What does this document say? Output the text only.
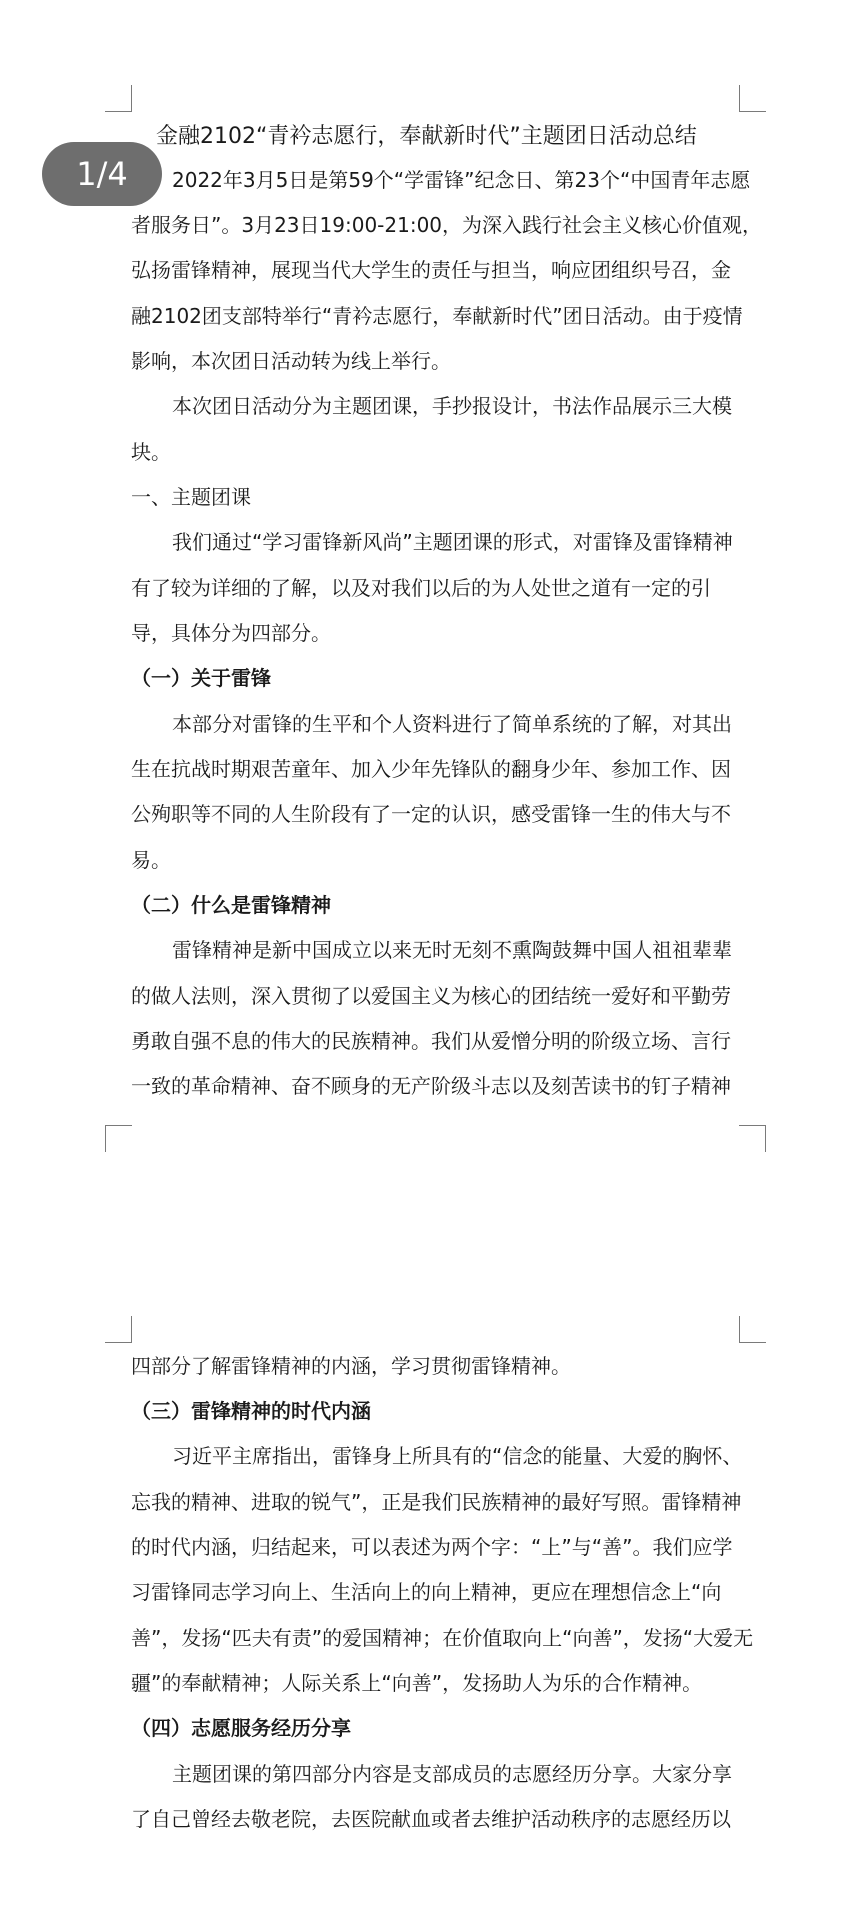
金融2102“青衿志愿行，奉献新时代”主题团日活动总结
2022年3月5日是第59个“学雷锋”纪念日、第23个“中国青年志愿
者服务日”。3月23日19:00-21:00，为深入践行社会主义核心价值观，
弘扬雷锋精神，展现当代大学生的责任与担当，响应团组织号召，金
融2102团支部特举行“青衿志愿行，奉献新时代”团日活动。由于疫情
影响，本次团日活动转为线上举行。
本次团日活动分为主题团课，手抄报设计，书法作品展示三大模
块。
一、主题团课
我们通过“学习雷锋新风尚”主题团课的形式，对雷锋及雷锋精神
有了较为详细的了解，以及对我们以后的为人处世之道有一定的引
导，具体分为四部分。
（一）关于雷锋
本部分对雷锋的生平和个人资料进行了简单系统的了解，对其出
生在抗战时期艰苦童年、加入少年先锋队的翻身少年、参加工作、因
公殉职等不同的人生阶段有了一定的认识，感受雷锋一生的伟大与不
易。
（二）什么是雷锋精神
雷锋精神是新中国成立以来无时无刻不熏陶鼓舞中国人祖祖辈辈
的做人法则，深入贯彻了以爱国主义为核心的团结统一爱好和平勤劳
勇敢自强不息的伟大的民族精神。我们从爱憎分明的阶级立场、言行
一致的革命精神、奋不顾身的无产阶级斗志以及刻苦读书的钉子精神
四部分了解雷锋精神的内涵，学习贯彻雷锋精神。
（三）雷锋精神的时代内涵
习近平主席指出，雷锋身上所具有的“信念的能量、大爱的胸怀、
忘我的精神、进取的锐气”，正是我们民族精神的最好写照。雷锋精神
的时代内涵，归结起来，可以表述为两个字：“上”与“善”。我们应学
习雷锋同志学习向上、生活向上的向上精神，更应在理想信念上“向
善”，发扬“匹夫有责”的爱国精神；在价值取向上“向善”，发扬“大爱无
疆”的奉献精神；人际关系上“向善”，发扬助人为乐的合作精神。
（四）志愿服务经历分享
主题团课的第四部分内容是支部成员的志愿经历分享。大家分享
了自己曾经去敬老院，去医院献血或者去维护活动秩序的志愿经历以
1/4
